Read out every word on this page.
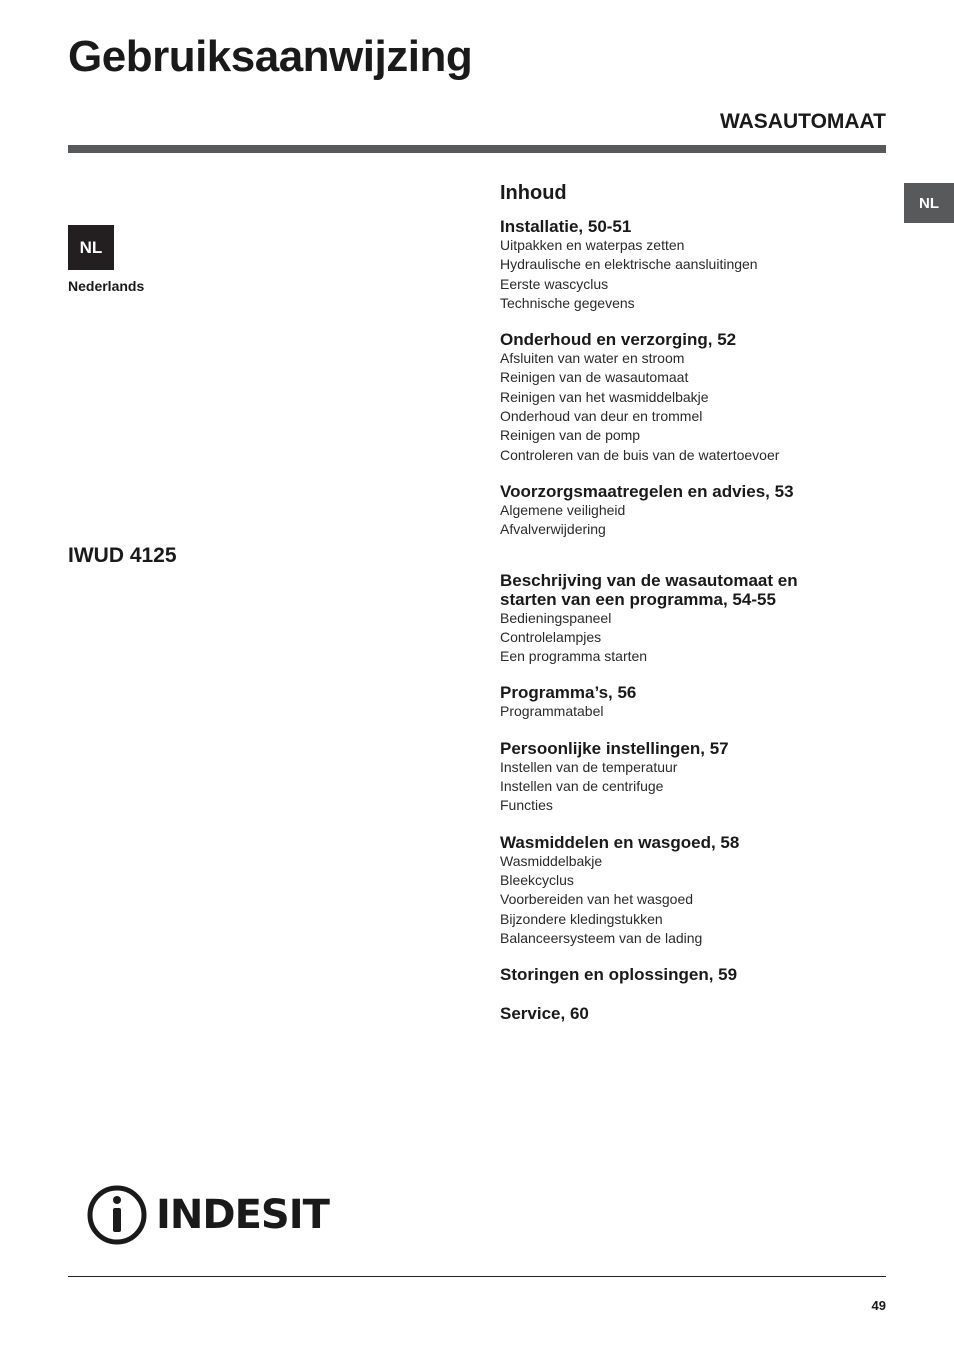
Gebruiksaanwijzing
WASAUTOMAAT
NL
NL
Nederlands
IWUD 4125
Inhoud
Installatie, 50-51
Uitpakken en waterpas zetten
Hydraulische en elektrische aansluitingen
Eerste wascyclus
Technische gegevens
Onderhoud en verzorging, 52
Afsluiten van water en stroom
Reinigen van de wasautomaat
Reinigen van het wasmiddelbakje
Onderhoud van deur en trommel
Reinigen van de pomp
Controleren van de buis van de watertoevoer
Voorzorgsmaatregelen en advies, 53
Algemene veiligheid
Afvalverwijdering
Beschrijving van de wasautomaat en
starten van een programma, 54-55
Bedieningspaneel
Controlelampjes
Een programma starten
Programma’s, 56
Programmatabel
Persoonlijke instellingen, 57
Instellen van de temperatuur
Instellen van de centrifuge
Functies
Wasmiddelen en wasgoed, 58
Wasmiddelbakje
Bleekcyclus
Voorbereiden van het wasgoed
Bijzondere kledingstukken
Balanceersysteem van de lading
Storingen en oplossingen, 59
Service, 60
INDESIT
49
